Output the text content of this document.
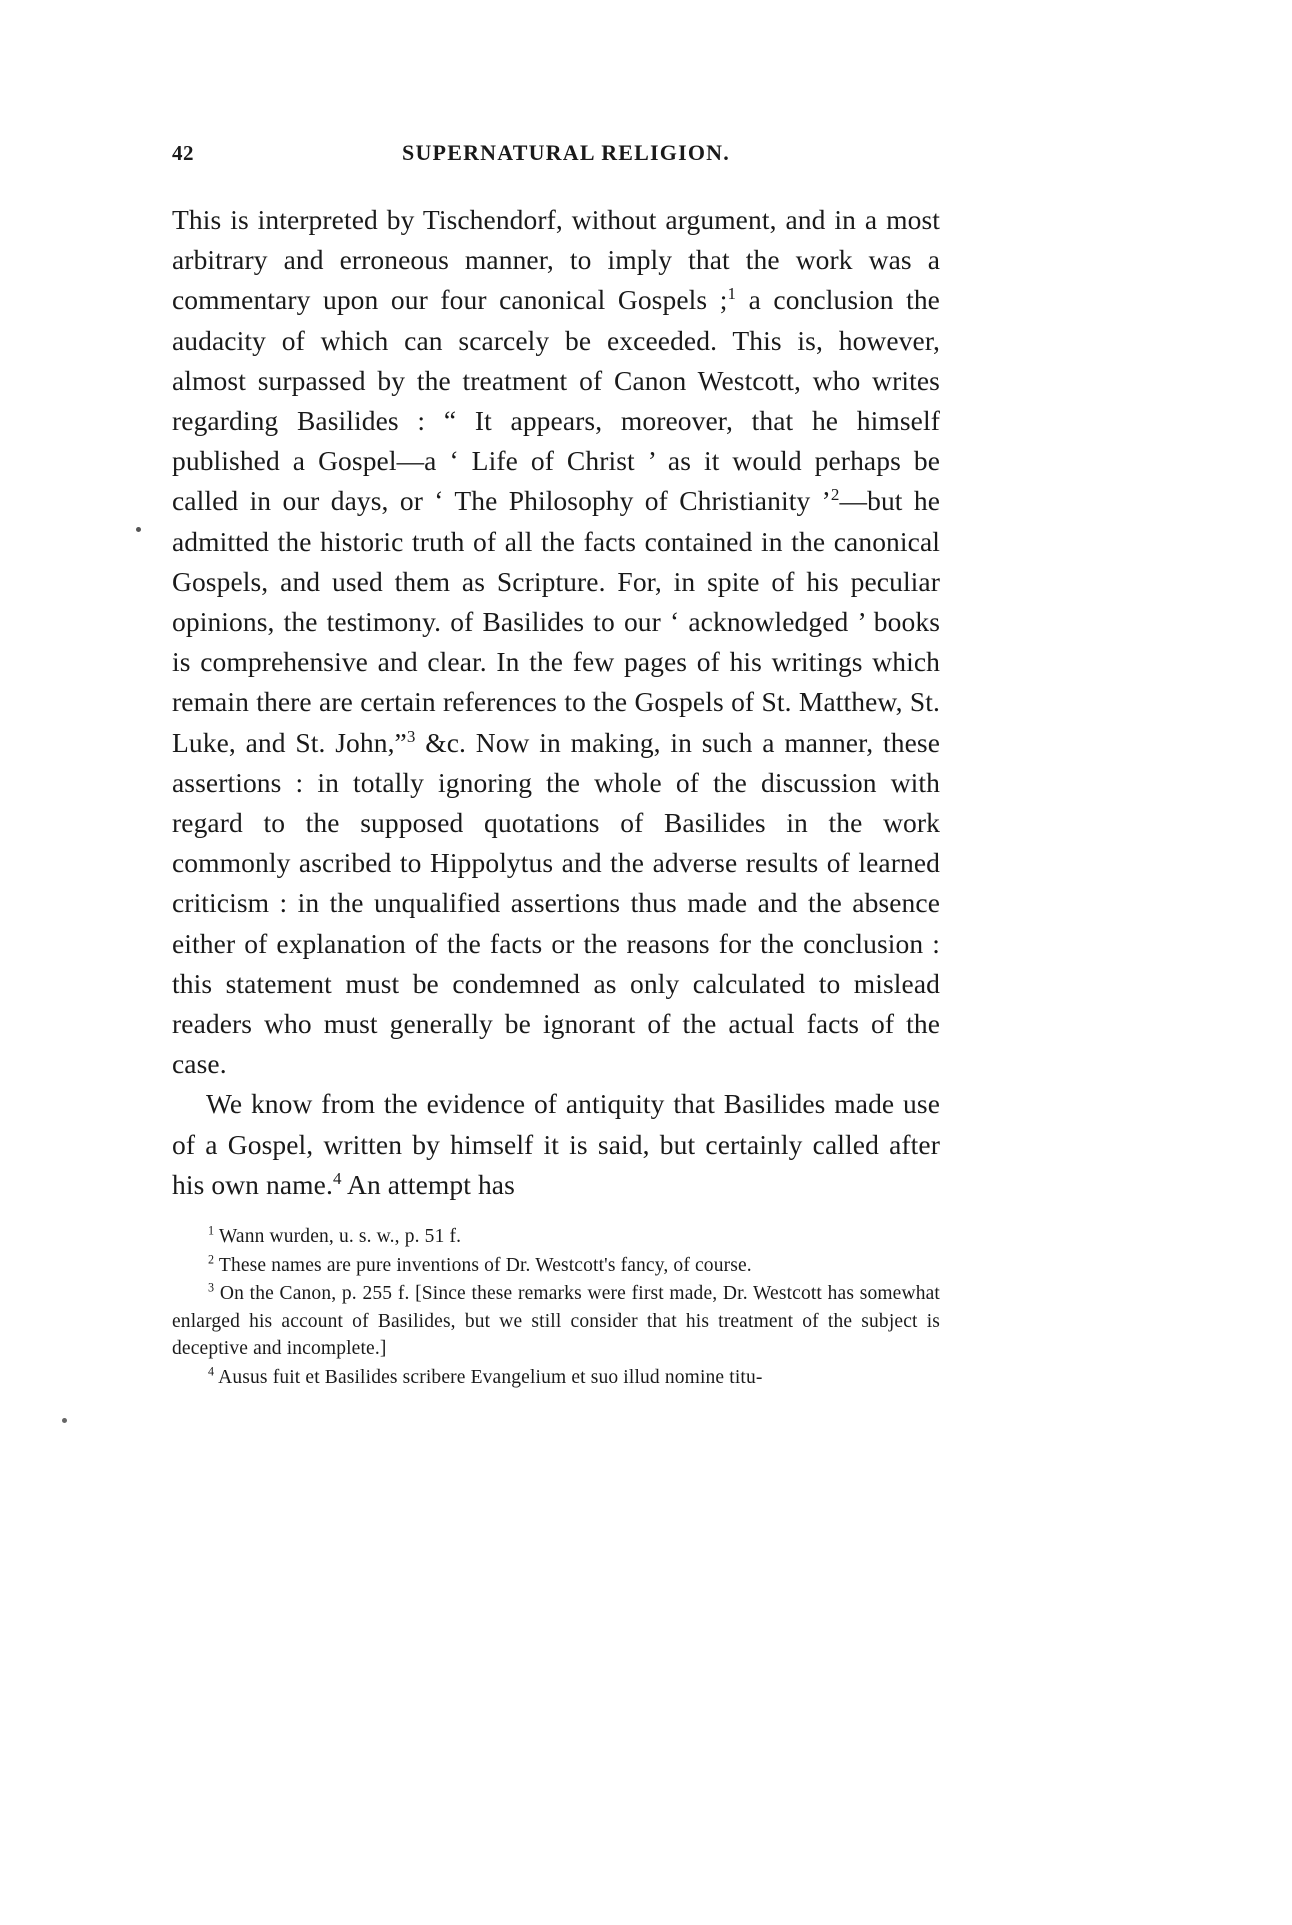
42	SUPERNATURAL RELIGION.

This is interpreted by Tischendorf, without argument, and in a most arbitrary and erroneous manner, to imply that the work was a commentary upon our four canonical Gospels ;$^1$ a conclusion the audacity of which can scarcely be exceeded. This is, however, almost surpassed by the treatment of Canon Westcott, who writes regarding Basilides : “ It appears, moreover, that he himself published a Gospel—a ‘ Life of Christ ’ as it would perhaps be called in our days, or ‘ The Philosophy of Christianity ’$^2$—but he admitted the historic truth of all the facts contained in the canonical Gospels, and used them as Scripture. For, in spite of his peculiar opinions, the testimony. of Basilides to our ‘ acknowledged ’ books is comprehensive and clear. In the few pages of his writings which remain there are certain references to the Gospels of St. Matthew, St. Luke, and St. John,”$^3$ &c. Now in making, in such a manner, these assertions : in totally ignoring the whole of the discussion with regard to the supposed quotations of Basilides in the work commonly ascribed to Hippolytus and the adverse results of learned criticism : in the unqualified assertions thus made and the absence either of explanation of the facts or the reasons for the conclusion : this statement must be condemned as only calculated to mislead readers who must generally be ignorant of the actual facts of the case.

We know from the evidence of antiquity that Basilides made use of a Gospel, written by himself it is said, but certainly called after his own name.$^4$ An attempt has

$^1$ Wann wurden, u. s. w., p. 51 f.

$^2$ These names are pure inventions of Dr. Westcott's fancy, of course.

$^3$ On the Canon, p. 255 f. [Since these remarks were first made, Dr. Westcott has somewhat enlarged his account of Basilides, but we still consider that his treatment of the subject is deceptive and incomplete.]

$^4$ Ausus fuit et Basilides scribere Evangelium et suo illud nomine titu-
